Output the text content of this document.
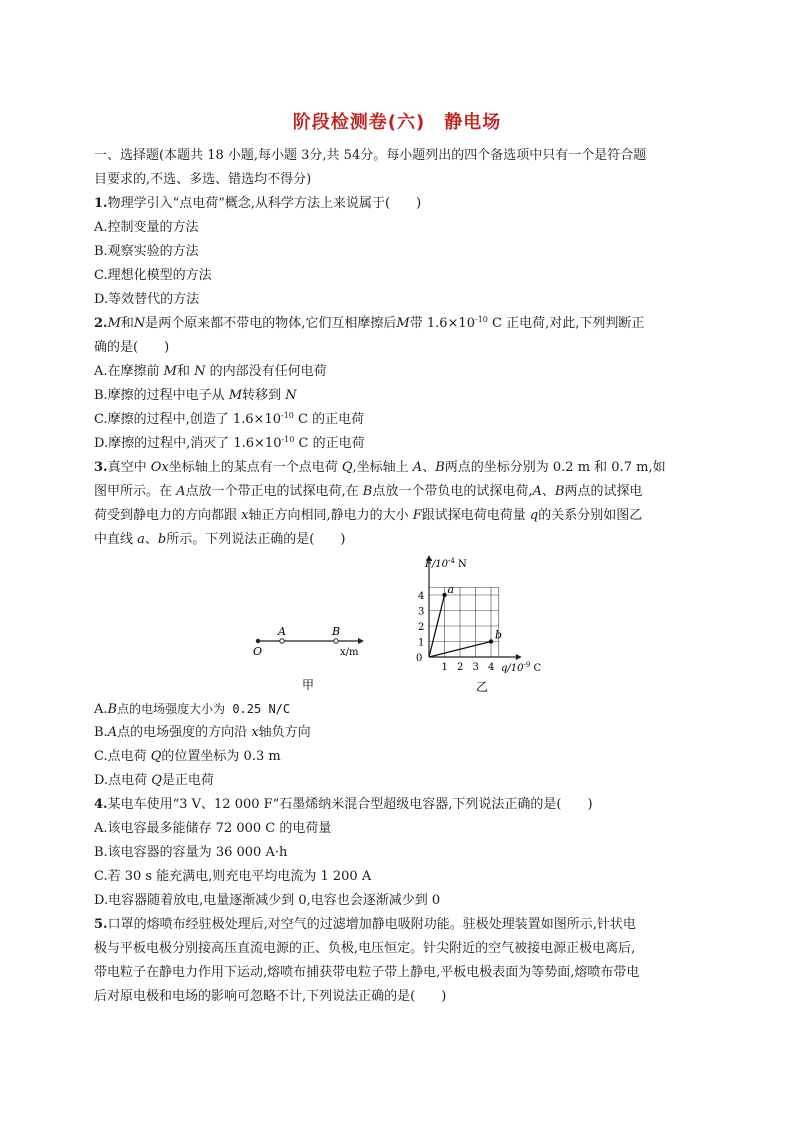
阶段检测卷(六)　静电场
一、选择题(本题共 18 小题,每小题 3分,共 54分。每小题列出的四个备选项中只有一个是符合题
目要求的,不选、多选、错选均不得分)
1.物理学引入“点电荷”概念,从科学方法上来说属于(　　)
A.控制变量的方法
B.观察实验的方法
C.理想化模型的方法
D.等效替代的方法
2.M和N是两个原来都不带电的物体,它们互相摩擦后M带 $1.6\times 10^{-10}$ C 正电荷,对此,下列判断正
确的是(　　)
A.在摩擦前 M和 N 的内部没有任何电荷
B.摩擦的过程中电子从 M转移到 N
C.摩擦的过程中,创造了 $1.6\times 10^{-10}$ C 的正电荷
D.摩擦的过程中,消灭了 $1.6\times 10^{-10}$ C 的正电荷
3.真空中 Ox坐标轴上的某点有一个点电荷 Q,坐标轴上 A、B两点的坐标分别为 0.2 m 和 0.7 m,如
图甲所示。在 A点放一个带正电的试探电荷,在 B点放一个带负电的试探电荷,A、B两点的试探电
荷受到静电力的方向都跟 x轴正方向相同,静电力的大小 F跟试探电荷电荷量 q的关系分别如图乙
中直线 a、b所示。下列说法正确的是(　　)
O
A	B
x/m
甲
1 2 3 4
1
2
3
4
0
$F/10^{-4}$ N
$q/10^{-9}$ C
a
b
乙
A.B点的电场强度大小为 0.25 N/C
B.A点的电场强度的方向沿 x轴负方向
C.点电荷 Q的位置坐标为 0.3 m
D.点电荷 Q是正电荷
4.某电车使用“3 V、12 000 F”石墨烯纳米混合型超级电容器,下列说法正确的是(　　)
A.该电容最多能储存 72 000 C 的电荷量
B.该电容器的容量为 36 000 A·h
C.若 30 s 能充满电,则充电平均电流为 1 200 A
D.电容器随着放电,电量逐渐减少到 0,电容也会逐渐减少到 0
5.口罩的熔喷布经驻极处理后,对空气的过滤增加静电吸附功能。驻极处理装置如图所示,针状电
极与平板电极分别接高压直流电源的正、负极,电压恒定。针尖附近的空气被接电源正极电离后,
带电粒子在静电力作用下运动,熔喷布捕获带电粒子带上静电,平板电极表面为等势面,熔喷布带电
后对原电极和电场的影响可忽略不计,下列说法正确的是(　　)
